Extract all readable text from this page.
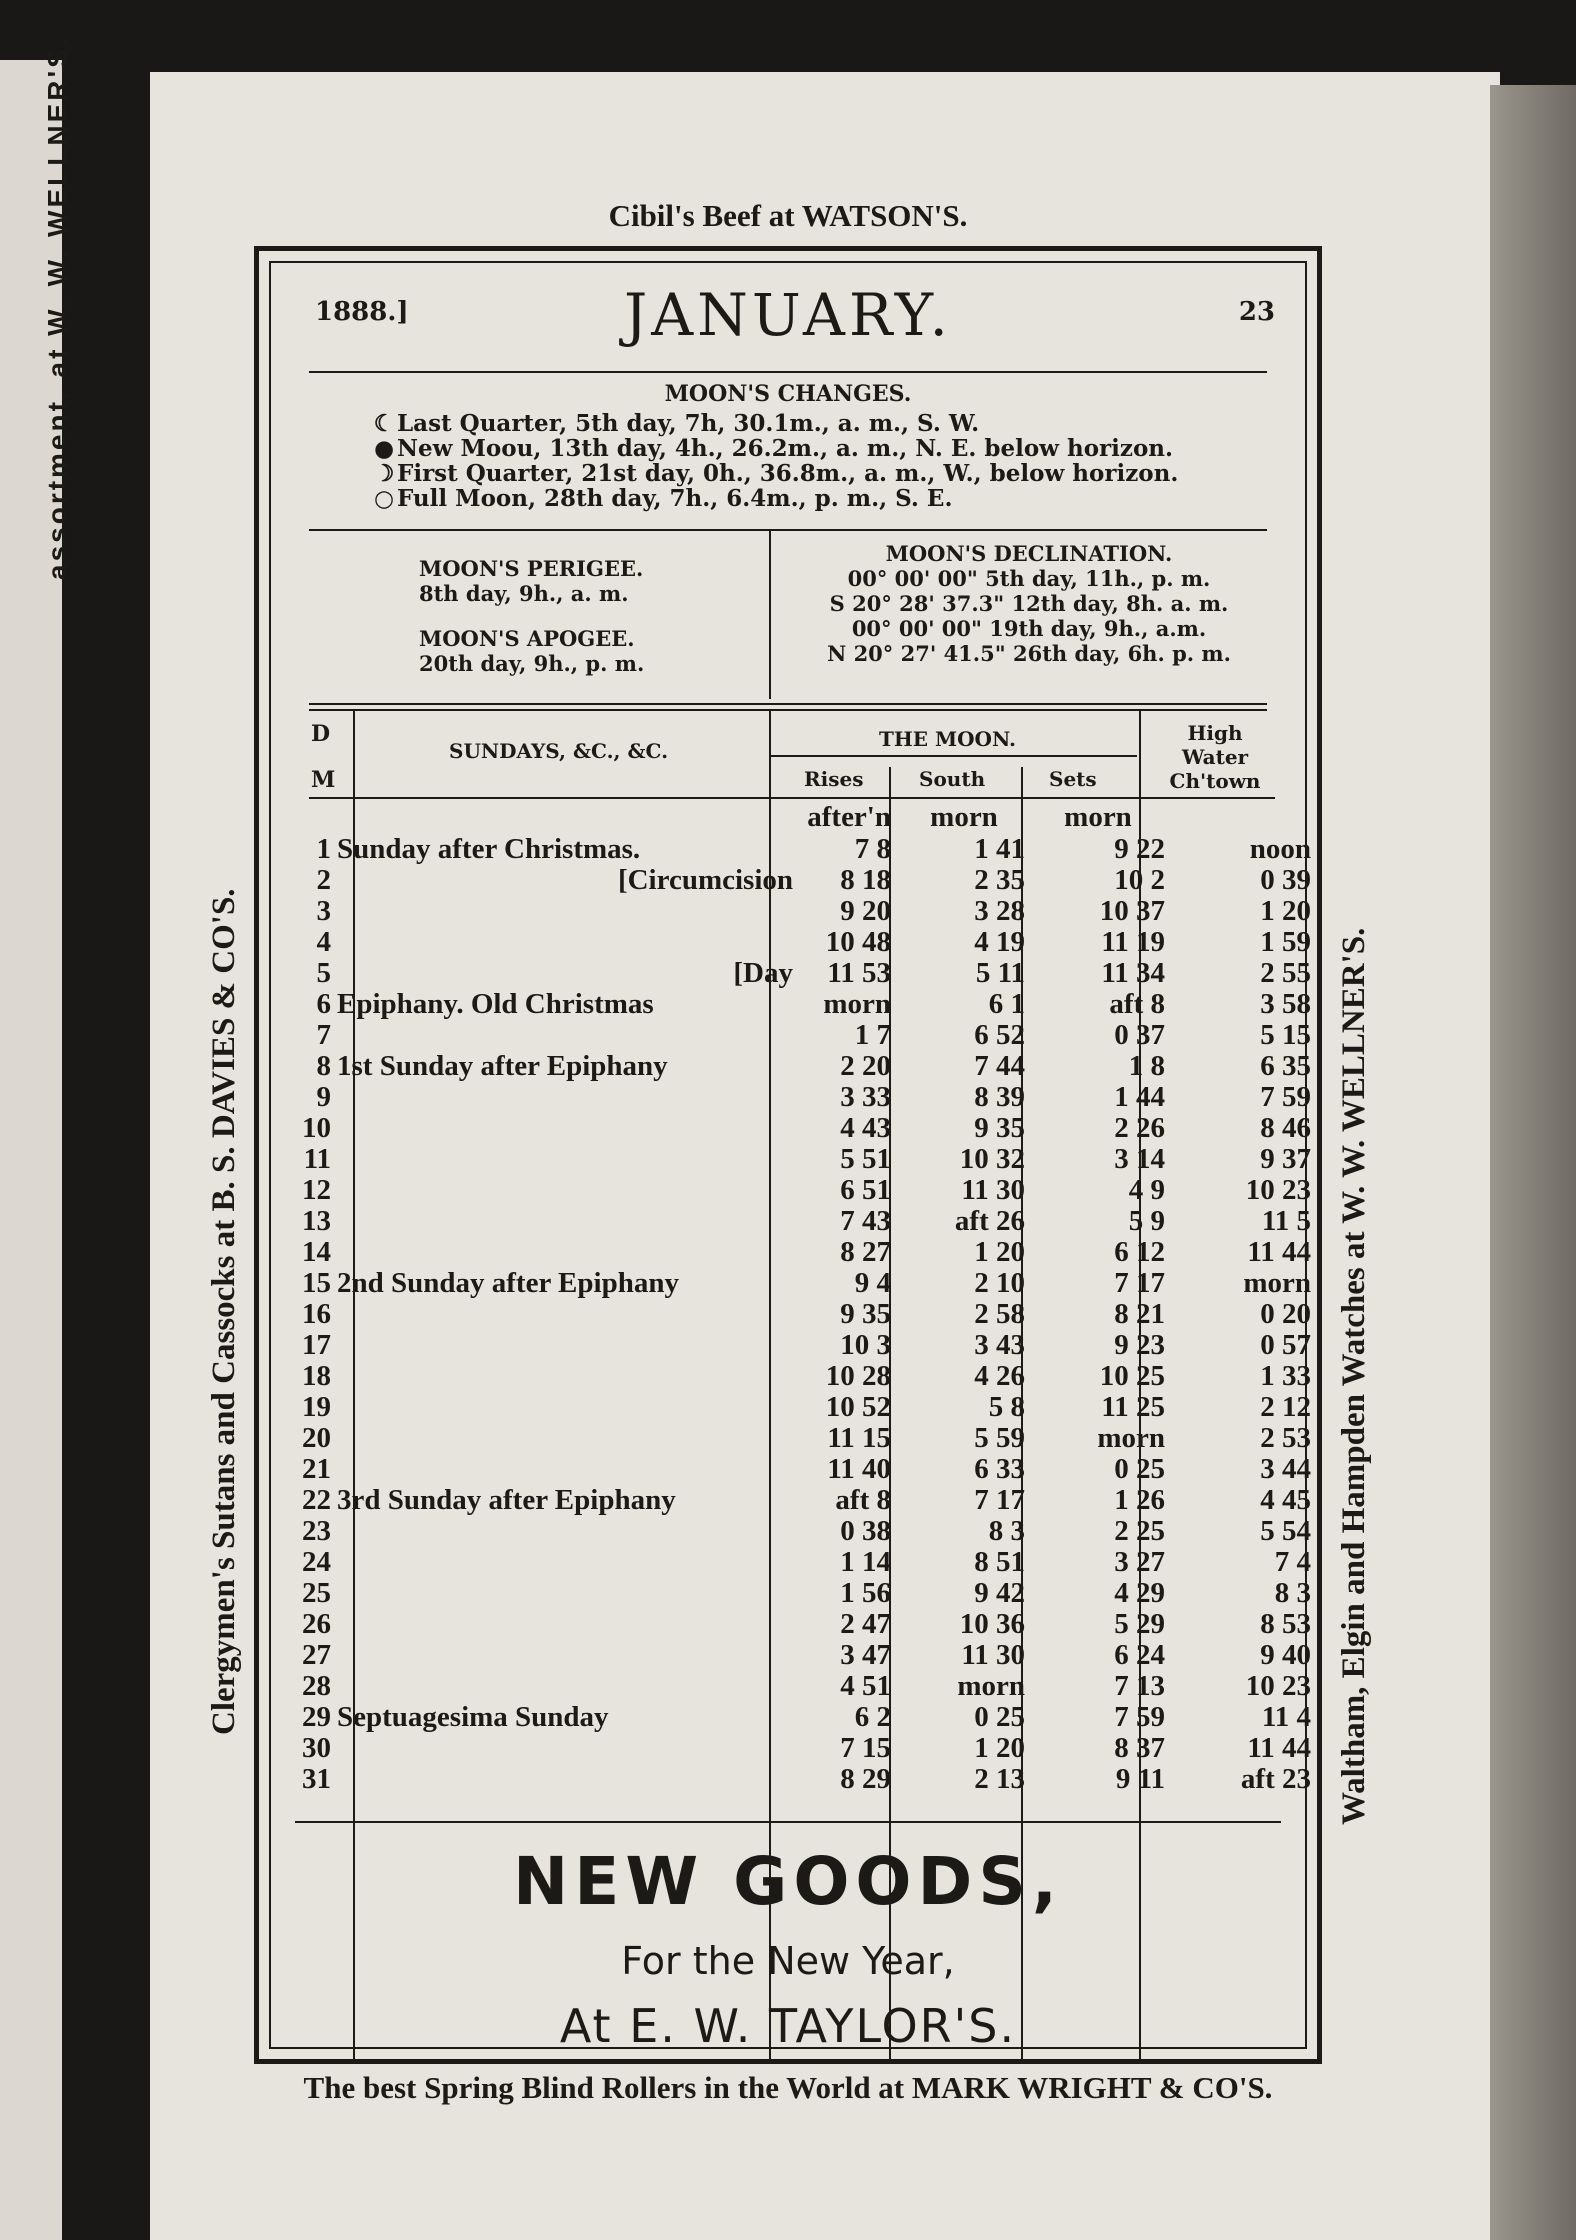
assortment, at W. W. WELLNER'S.	Cibil's Beef at WATSON'S.
Clergymen's Sutans and Cassocks at B. S. DAVIES & CO'S.	Waltham, Elgin and Hampden Watches at W. W. WELLNER'S.
The best Spring Blind Rollers in the World at MARK WRIGHT & CO'S.
1888.]	JANUARY.	23
MOON'S CHANGES.
☾ Last Quarter, 5th day, 7h, 30.1m., a. m., S. W.
● New Moou, 13th day, 4h., 26.2m., a. m., N. E. below horizon.
☽ First Quarter, 21st day, 0h., 36.8m., a. m., W., below horizon.
○ Full Moon, 28th day, 7h., 6.4m., p. m., S. E.
MOON'S PERIGEE.
8th day, 9h., a. m.
MOON'S APOGEE.
20th day, 9h., p. m.
MOON'S DECLINATION.
00° 00' 00" 5th day, 11h., p. m.
S 20° 28' 37.3" 12th day, 8h. a. m.
00° 00' 00" 19th day, 9h., a.m.
N 20° 27' 41.5" 26th day, 6h. p. m.
D
M
SUNDAYS, &C., &C.	THE MOON.
Rises	South	Sets
High
Water
Ch'town
after'n	morn	morn
1 Sunday after Christmas.	7 8	1 41	9 22	noon
2	[Circumcision	8 18	2 35	10 2	0 39
3	9 20	3 28	10 37	1 20
4	10 48	4 19	11 19	1 59
5	[Day	11 53	5 11	11 34	2 55
6 Epiphany. Old Christmas	morn	6 1	aft 8	3 58
7	1 7	6 52	0 37	5 15
8 1st Sunday after Epiphany	2 20	7 44	1 8	6 35
9	3 33	8 39	1 44	7 59
10	4 43	9 35	2 26	8 46
11	5 51	10 32	3 14	9 37
12	6 51	11 30	4 9	10 23
13	7 43	aft 26	5 9	11 5
14	8 27	1 20	6 12	11 44
15 2nd Sunday after Epiphany	9 4	2 10	7 17	morn
16	9 35	2 58	8 21	0 20
17	10 3	3 43	9 23	0 57
18	10 28	4 26	10 25	1 33
19	10 52	5 8	11 25	2 12
20	11 15	5 59	morn	2 53
21	11 40	6 33	0 25	3 44
22 3rd Sunday after Epiphany	aft 8	7 17	1 26	4 45
23	0 38	8 3	2 25	5 54
24	1 14	8 51	3 27	7 4
25	1 56	9 42	4 29	8 3
26	2 47	10 36	5 29	8 53
27	3 47	11 30	6 24	9 40
28	4 51	morn	7 13	10 23
29 Septuagesima Sunday	6 2	0 25	7 59	11 4
30	7 15	1 20	8 37	11 44
31	8 29	2 13	9 11	aft 23
NEW GOODS,
For the New Year,
At E. W. TAYLOR'S.
